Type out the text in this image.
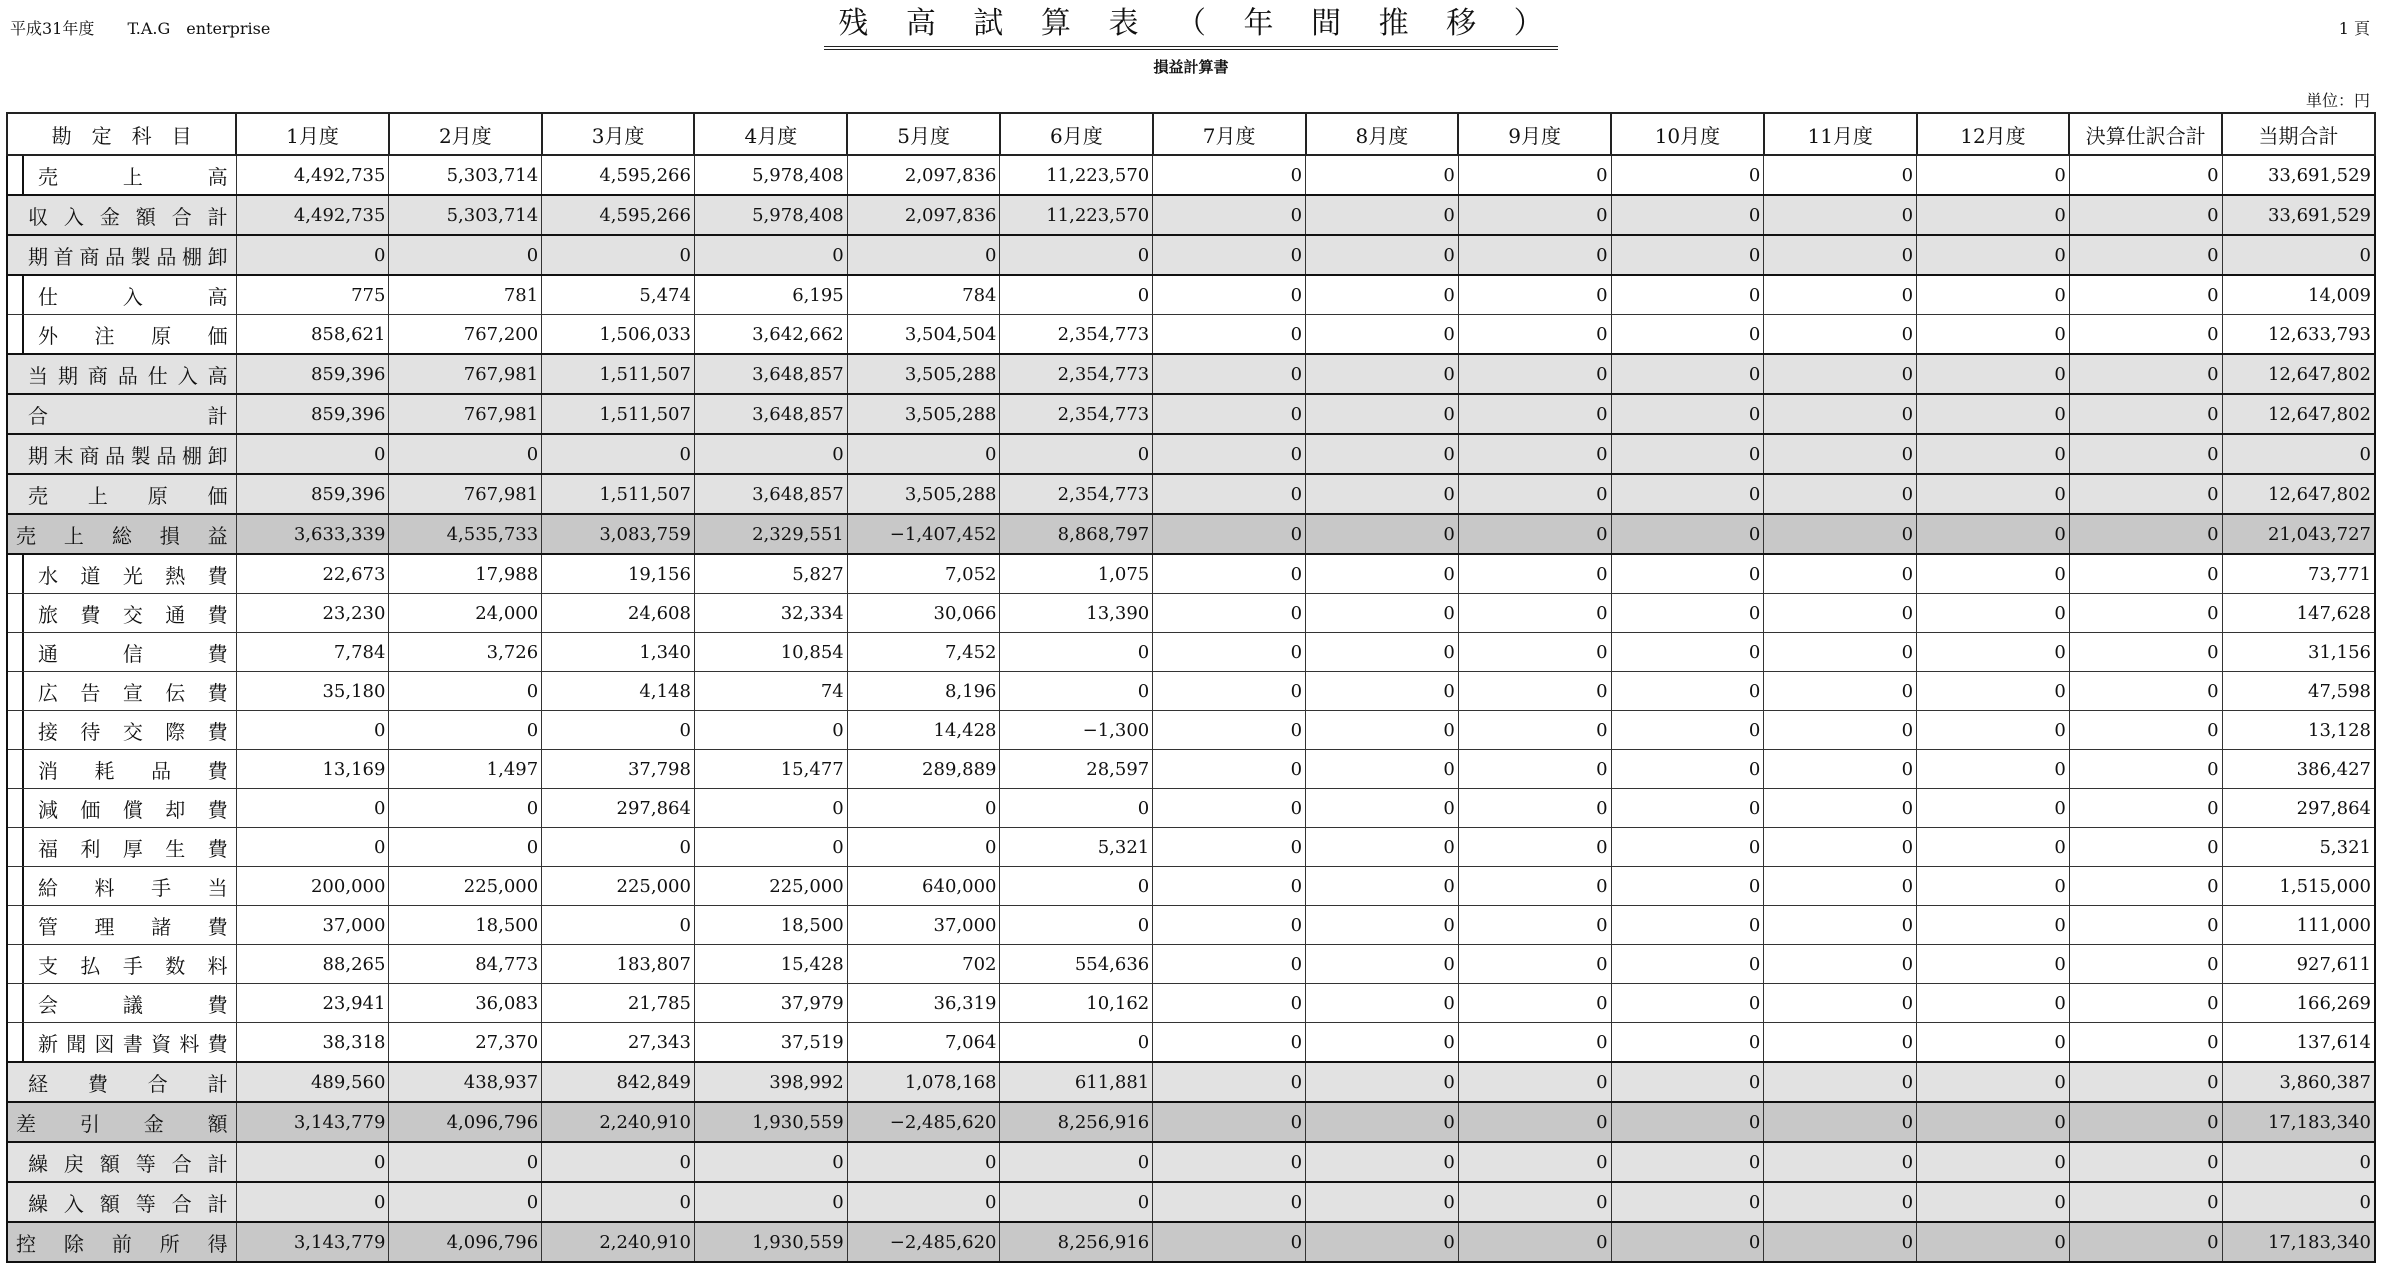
平成31年度 T.A.G　enterprise	残 高 試 算 表 （ 年 間 推 移 ）
損益計算書
1 頁
単位：円
勘　定　科　目	1月度	2月度	3月度	4月度	5月度	6月度	7月度	8月度	9月度	10月度	11月度	12月度	決算仕訳合計	当期合計
売上高	4,492,735	5,303,714	4,595,266	5,978,408	2,097,836	11,223,570	0	0	0	0	0	0	0	33,691,529
収入金額合計	4,492,735	5,303,714	4,595,266	5,978,408	2,097,836	11,223,570	0	0	0	0	0	0	0	33,691,529
期首商品製品棚卸	0	0	0	0	0	0	0	0	0	0	0	0	0	0
仕入高	775	781	5,474	6,195	784	0	0	0	0	0	0	0	0	14,009
外注原価	858,621	767,200	1,506,033	3,642,662	3,504,504	2,354,773	0	0	0	0	0	0	0	12,633,793
当期商品仕入高	859,396	767,981	1,511,507	3,648,857	3,505,288	2,354,773	0	0	0	0	0	0	0	12,647,802
合計	859,396	767,981	1,511,507	3,648,857	3,505,288	2,354,773	0	0	0	0	0	0	0	12,647,802
期末商品製品棚卸	0	0	0	0	0	0	0	0	0	0	0	0	0	0
売上原価	859,396	767,981	1,511,507	3,648,857	3,505,288	2,354,773	0	0	0	0	0	0	0	12,647,802
売上総損益	3,633,339	4,535,733	3,083,759	2,329,551	−1,407,452	8,868,797	0	0	0	0	0	0	0	21,043,727
水道光熱費	22,673	17,988	19,156	5,827	7,052	1,075	0	0	0	0	0	0	0	73,771
旅費交通費	23,230	24,000	24,608	32,334	30,066	13,390	0	0	0	0	0	0	0	147,628
通信費	7,784	3,726	1,340	10,854	7,452	0	0	0	0	0	0	0	0	31,156
広告宣伝費	35,180	0	4,148	74	8,196	0	0	0	0	0	0	0	0	47,598
接待交際費	0	0	0	0	14,428	−1,300	0	0	0	0	0	0	0	13,128
消耗品費	13,169	1,497	37,798	15,477	289,889	28,597	0	0	0	0	0	0	0	386,427
減価償却費	0	0	297,864	0	0	0	0	0	0	0	0	0	0	297,864
福利厚生費	0	0	0	0	0	5,321	0	0	0	0	0	0	0	5,321
給料手当	200,000	225,000	225,000	225,000	640,000	0	0	0	0	0	0	0	0	1,515,000
管理諸費	37,000	18,500	0	18,500	37,000	0	0	0	0	0	0	0	0	111,000
支払手数料	88,265	84,773	183,807	15,428	702	554,636	0	0	0	0	0	0	0	927,611
会議費	23,941	36,083	21,785	37,979	36,319	10,162	0	0	0	0	0	0	0	166,269
新聞図書資料費	38,318	27,370	27,343	37,519	7,064	0	0	0	0	0	0	0	0	137,614
経費合計	489,560	438,937	842,849	398,992	1,078,168	611,881	0	0	0	0	0	0	0	3,860,387
差引金額	3,143,779	4,096,796	2,240,910	1,930,559	−2,485,620	8,256,916	0	0	0	0	0	0	0	17,183,340
繰戻額等合計	0	0	0	0	0	0	0	0	0	0	0	0	0	0
繰入額等合計	0	0	0	0	0	0	0	0	0	0	0	0	0	0
控除前所得	3,143,779	4,096,796	2,240,910	1,930,559	−2,485,620	8,256,916	0	0	0	0	0	0	0	17,183,340
